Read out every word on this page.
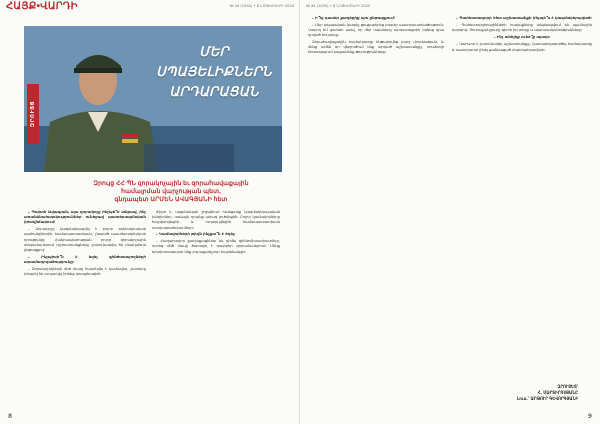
ՀԱՅՔ•ՎԱՐԴԻ	№ 44 (1050) • 8 ՆՈՅԵՄԲԵՐԻ 2020
ՄԵՐ
ՍՊԱՅԵԼԻՔՆԵՐՆ
ԱՐԴԱՐԱՑԱՆ
ԶՐՈՒՅՑ
Զրույց ՀՀ ՊՆ զորակոչային եւ զորահավաքային
համալրման վարչության պետ,
գնդապետ ԱՐՄԵՆ ԱՎԱԳՅԱՆԻ հետ

– Պարոն Ավագյան, այս զորակոչը ինչպե՞ս անցավ, ինչ առանձնահատկություններ ունեցավ պատերազմական իրավիճակում:

– Զորակոչը կազմակերպվել է բոլոր օրենսդրական պահանջներին համապատասխան, չնայած պատերազմական դրությանը: Հանրապետության բոլոր զորակոչային տեղամասերում աշխատանքները շարունակվել են բնականոն ընթացքով:

– Ինչպիսի՞ն է եղել զինծառայողների տրամադրվածությունը:

– Զորակոչիկների մեծ մասը հայտնվել է կամավոր, շատերը խնդրել են ուղարկել իրենց առաջնագիծ:

Ճիշտ է, սկզբնական շրջանում ունեցանք կազմակերպական խնդիրներ, սակայն դրանք արագ լուծվեցին: Բոլոր կամավորները հաշվառվեցին և ուղարկվեցին համապատասխան ստորաբաժանումներ:

– Կամավորների թիվն ինչքա՞ն է եղել:

– Հազարավոր քաղաքացիներ են դիմել զինկոմիսարիատներ, որոնց մեծ մասը ծառայել է տարբեր զորամասերում: Մենք երախտապարտ ենք յուրաքանչյուր հայրենակցի:

8
№ 44 (1050) • 8 ՆՈՅԵՄԲԵՐԻ 2020

– Ի՞նչ դասեր քաղեցիք այս ընթացքում:

– Մեր սպայական կազմը ցուցաբերեց բարձր պատրաստվածություն: Կարող եմ վստահ ասել, որ մեր սպաները արդարացրին իրենց վրա դրված հույսերը:

Զորահավաքային համակարգը ենթարկվեց լուրջ փորձության, և մենք ամեն օր վերլուծում ենք արված աշխատանքը, որպեսզի հետագայում բացառենք թերությունները:

– Պահեստազորի հետ աշխատանքն ինչպե՞ս է կազմակերպված:

– Պահեստազորայինների հավաքները անցկացվում են պլանային կարգով: Յուրաքանչյուրը գիտի իր տեղը և պարտականությունները:

– Ինչ անելիք ունե՞ք այսօր:

– Կարևոր է շարունակել աշխատանքը, կատարելագործել համակարգը և պատրաստ լինել ցանկացած մարտահրավերի:

ԶՐՈՒՑԵՑ՝
Հ. ՄԱՐՏԻՐՈՍՅԱՆԸ
Լուս.՝ ԱՐԹՈՒՐ ԳԵՎՈՐԳՅԱՆԻ
9
